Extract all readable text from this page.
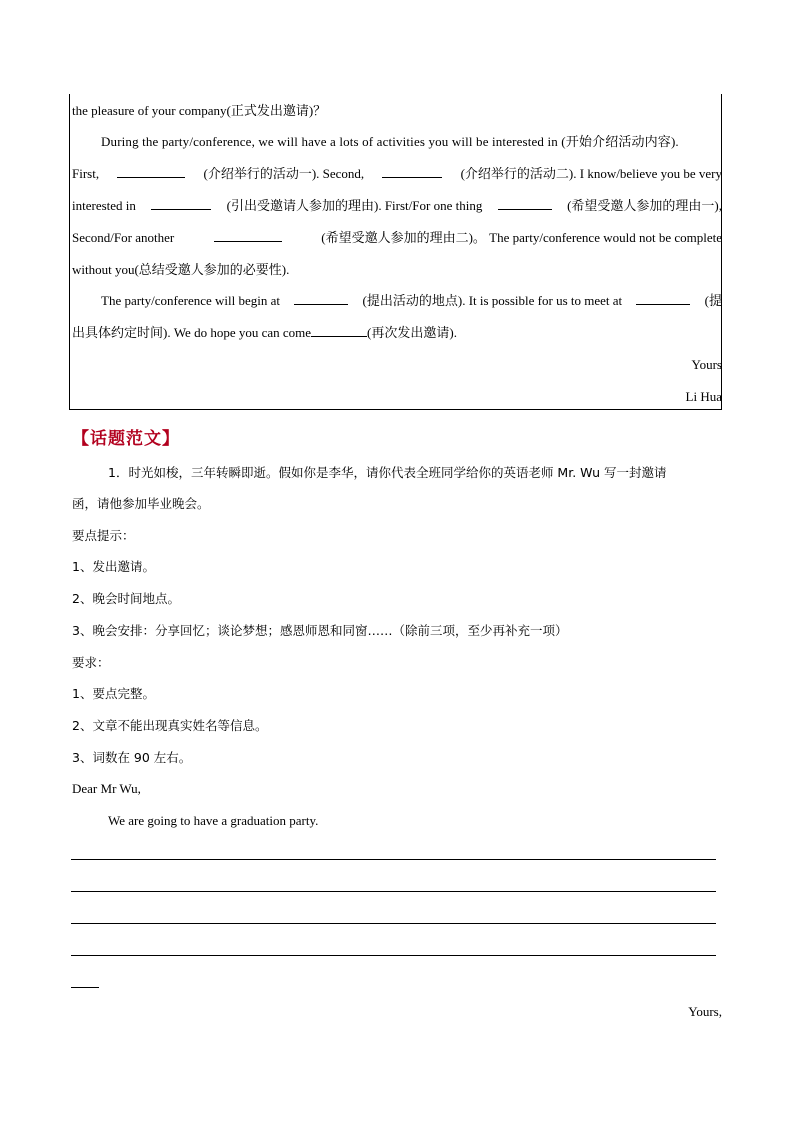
the pleasure of your company(正式发出邀请)？
During the party/conference, we will have a lots of activities you will be interested in (开始介绍活动内容).
First,	(介绍举行的活动一). Second,	(介绍举行的活动二). I know/believe you be very
interested in	(引出受邀请人参加的理由). First/For one thing	(希望受邀人参加的理由一),
Second/For another	(希望受邀人参加的理由二)。 The party/conference would not be complete
without you(总结受邀人参加的必要性).
The party/conference will begin at	(提出活动的地点). It is possible for us to meet at	(提
出具体约定时间). We do hope you can come	(再次发出邀请).
Yours
Li Hua
【话题范文】
1．时光如梭，三年转瞬即逝。假如你是李华，请你代表全班同学给你的英语老师 Mr. Wu 写一封邀请
函，请他参加毕业晚会。
要点提示：
1、发出邀请。
2、晚会时间地点。
3、晚会安排：分享回忆；谈论梦想；感恩师恩和同窗……（除前三项，至少再补充一项）
要求：
1、要点完整。
2、文章不能出现真实姓名等信息。
3、词数在 90 左右。
Dear Mr Wu,
We are going to have a graduation party.
Yours,
